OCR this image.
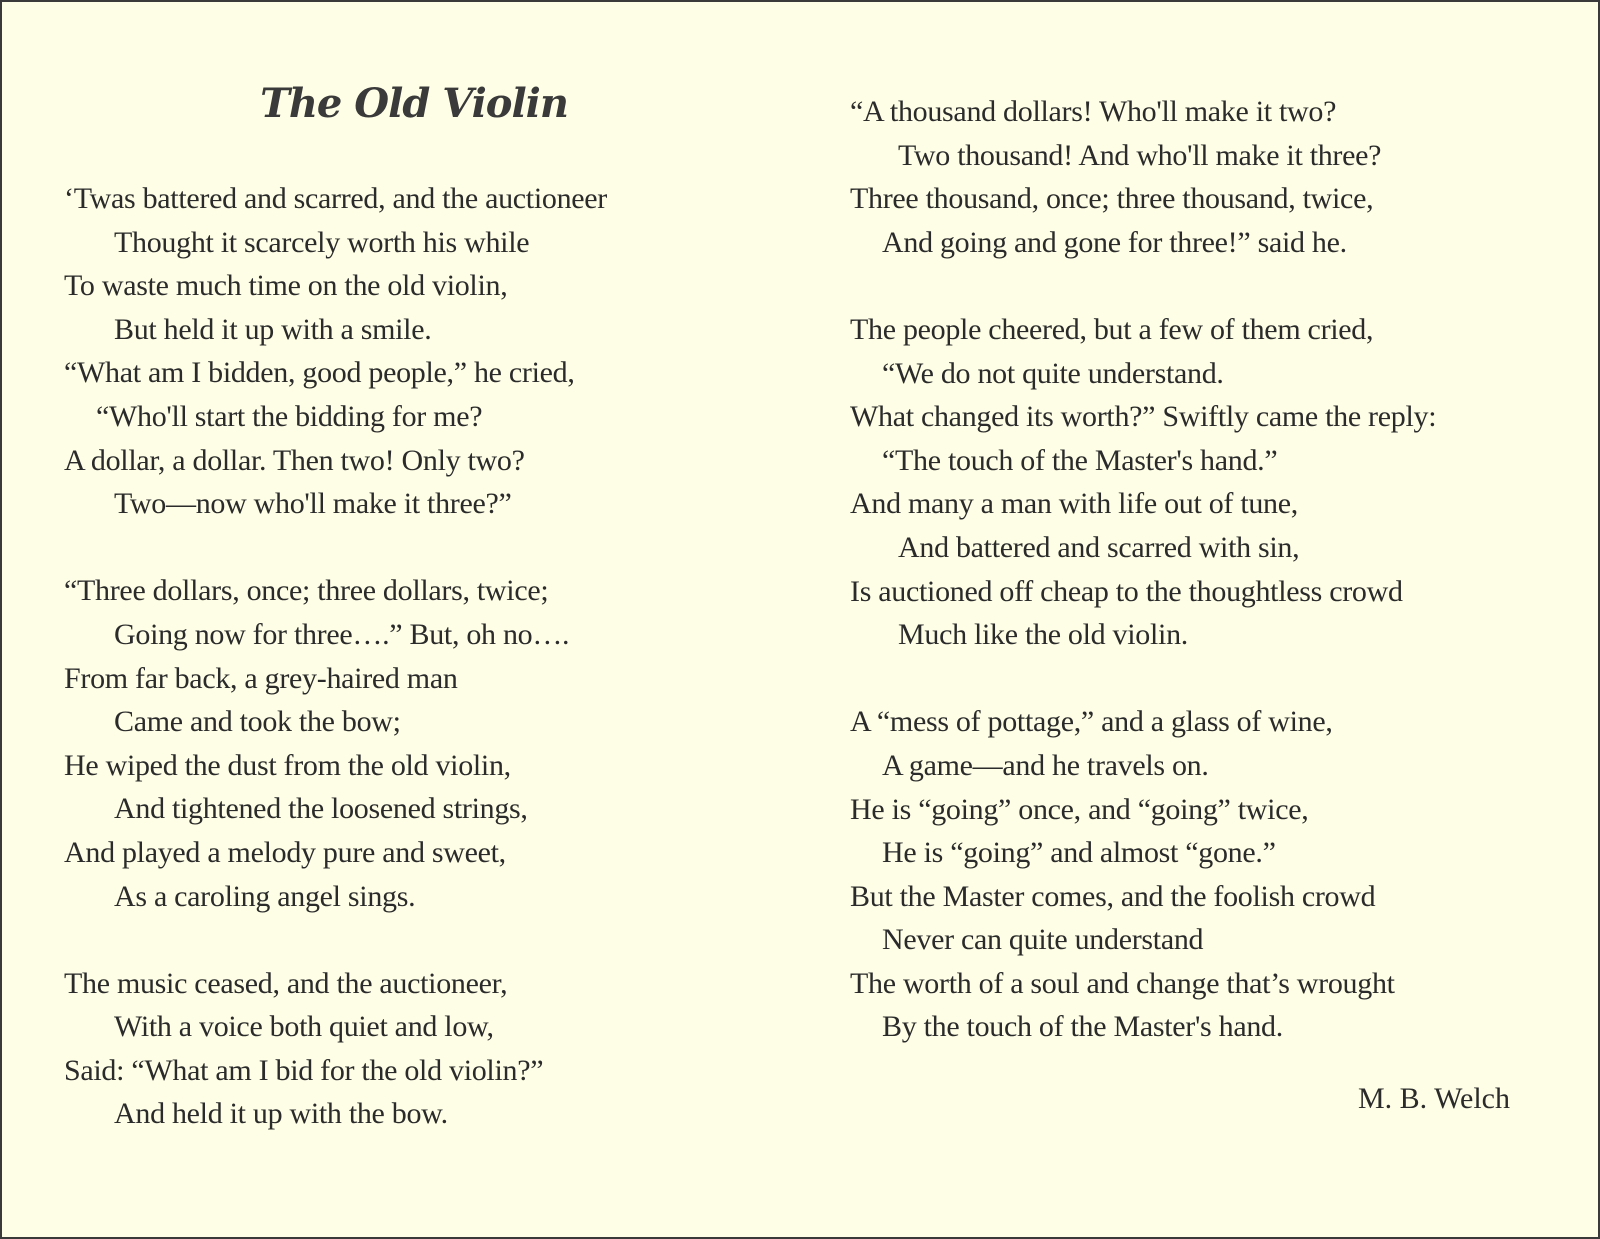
The Old Violin
‘Twas battered and scarred, and the auctioneer
Thought it scarcely worth his while
To waste much time on the old violin,
But held it up with a smile.
“What am I bidden, good people,” he cried,
“Who'll start the bidding for me?
A dollar, a dollar. Then two! Only two?
Two—now who'll make it three?”
“Three dollars, once; three dollars, twice;
Going now for three….” But, oh no….
From far back, a grey-haired man
Came and took the bow;
He wiped the dust from the old violin,
And tightened the loosened strings,
And played a melody pure and sweet,
As a caroling angel sings.
The music ceased, and the auctioneer,
With a voice both quiet and low,
Said: “What am I bid for the old violin?”
And held it up with the bow.
“A thousand dollars! Who'll make it two?
Two thousand! And who'll make it three?
Three thousand, once; three thousand, twice,
And going and gone for three!” said he.
The people cheered, but a few of them cried,
“We do not quite understand.
What changed its worth?” Swiftly came the reply:
“The touch of the Master's hand.”
And many a man with life out of tune,
And battered and scarred with sin,
Is auctioned off cheap to the thoughtless crowd
Much like the old violin.
A “mess of pottage,” and a glass of wine,
A game—and he travels on.
He is “going” once, and “going” twice,
He is “going” and almost “gone.”
But the Master comes, and the foolish crowd
Never can quite understand
The worth of a soul and change that’s wrought
By the touch of the Master's hand.
M. B. Welch
